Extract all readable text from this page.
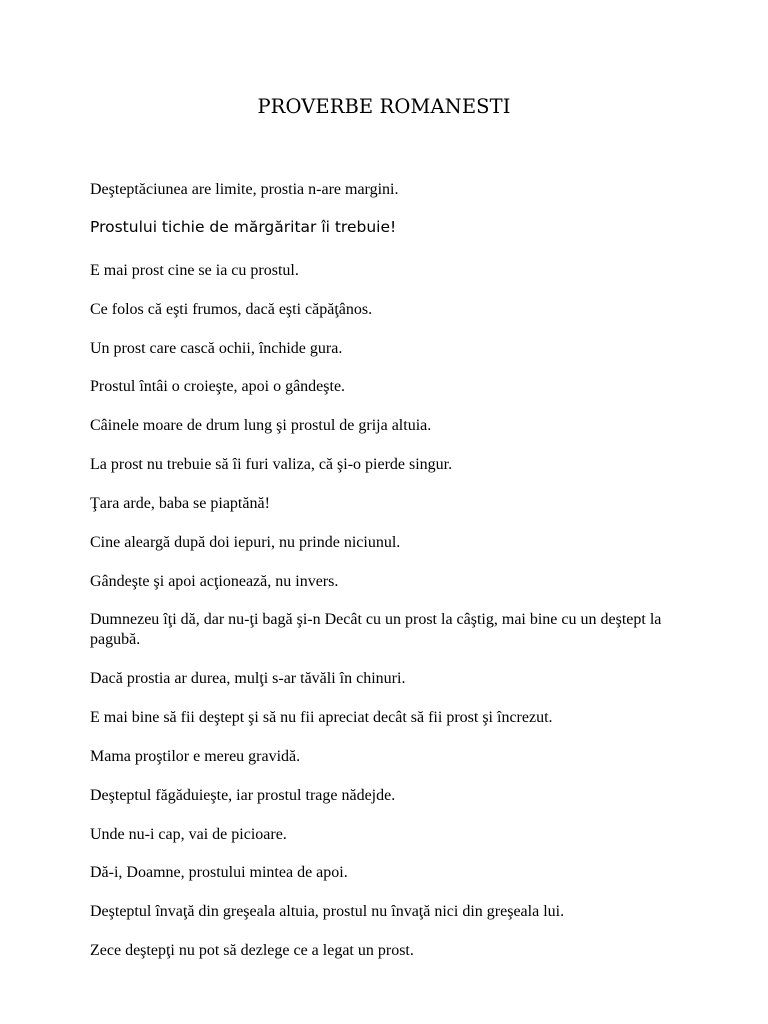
PROVERBE ROMANESTI
Deşteptăciunea are limite, prostia n-are margini.
Prostului tichie de mărgăritar îi trebuie!
E mai prost cine se ia cu prostul.
Ce folos că eşti frumos, dacă eşti căpăţânos.
Un prost care cască ochii, închide gura.
Prostul întâi o croieşte, apoi o gândeşte.
Câinele moare de drum lung şi prostul de grija altuia.
La prost nu trebuie să îi furi valiza, că şi-o pierde singur.
Ţara arde, baba se piaptănă!
Cine aleargă după doi iepuri, nu prinde niciunul.
Gândeşte şi apoi acţionează, nu invers.
Dumnezeu îţi dă, dar nu-ţi bagă şi-n Decât cu un prost la câştig, mai bine cu un deştept la pagubă.
Dacă prostia ar durea, mulţi s-ar tăvăli în chinuri.
E mai bine să fii deştept şi să nu fii apreciat decât să fii prost şi încrezut.
Mama proştilor e mereu gravidă.
Deşteptul făgăduieşte, iar prostul trage nădejde.
Unde nu-i cap, vai de picioare.
Dă-i, Doamne, prostului mintea de apoi.
Deşteptul învaţă din greşeala altuia, prostul nu învaţă nici din greşeala lui.
Zece deştepţi nu pot să dezlege ce a legat un prost.
